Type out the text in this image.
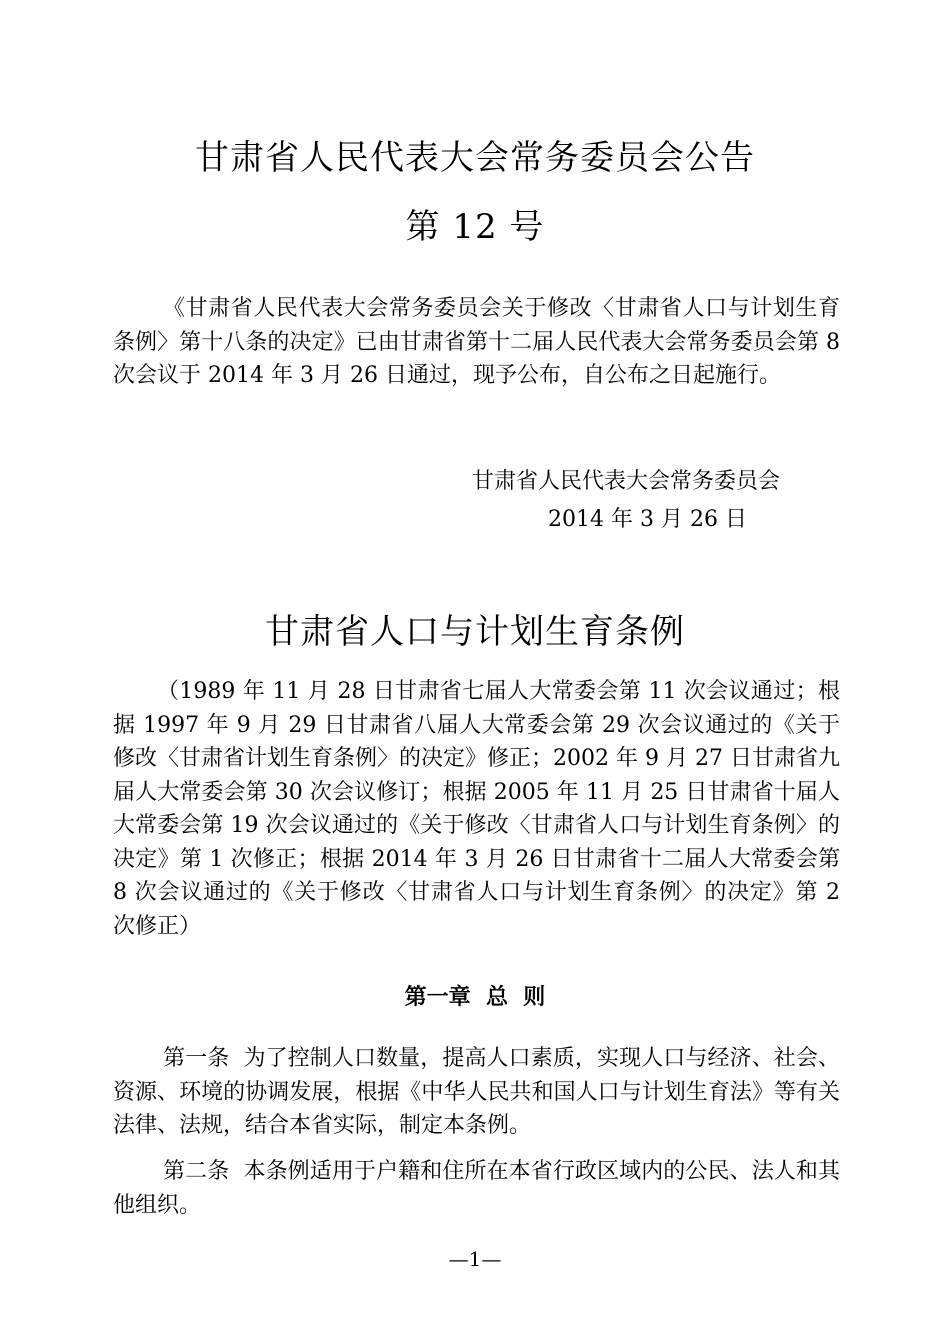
甘肃省人民代表大会常务委员会公告
第 12 号

《甘肃省人民代表大会常务委员会关于修改〈甘肃省人口与计划生育条例〉第十八条的决定》已由甘肃省第十二届人民代表大会常务委员会第 8 次会议于 2014 年 3 月 26 日通过，现予公布，自公布之日起施行。

甘肃省人民代表大会常务委员会
2014 年 3 月 26 日
甘肃省人口与计划生育条例

（1989 年 11 月 28 日甘肃省七届人大常委会第 11 次会议通过；根据 1997 年 9 月 29 日甘肃省八届人大常委会第 29 次会议通过的《关于修改〈甘肃省计划生育条例〉的决定》修正；2002 年 9 月 27 日甘肃省九届人大常委会第 30 次会议修订；根据 2005 年 11 月 25 日甘肃省十届人大常委会第 19 次会议通过的《关于修改〈甘肃省人口与计划生育条例〉的决定》第 1 次修正；根据 2014 年 3 月 26 日甘肃省十二届人大常委会第 8 次会议通过的《关于修改〈甘肃省人口与计划生育条例〉的决定》第 2 次修正）

第一章  总  则

第一条  为了控制人口数量，提高人口素质，实现人口与经济、社会、资源、环境的协调发展，根据《中华人民共和国人口与计划生育法》等有关法律、法规，结合本省实际，制定本条例。

第二条  本条例适用于户籍和住所在本省行政区域内的公民、法人和其他组织。

—1—
